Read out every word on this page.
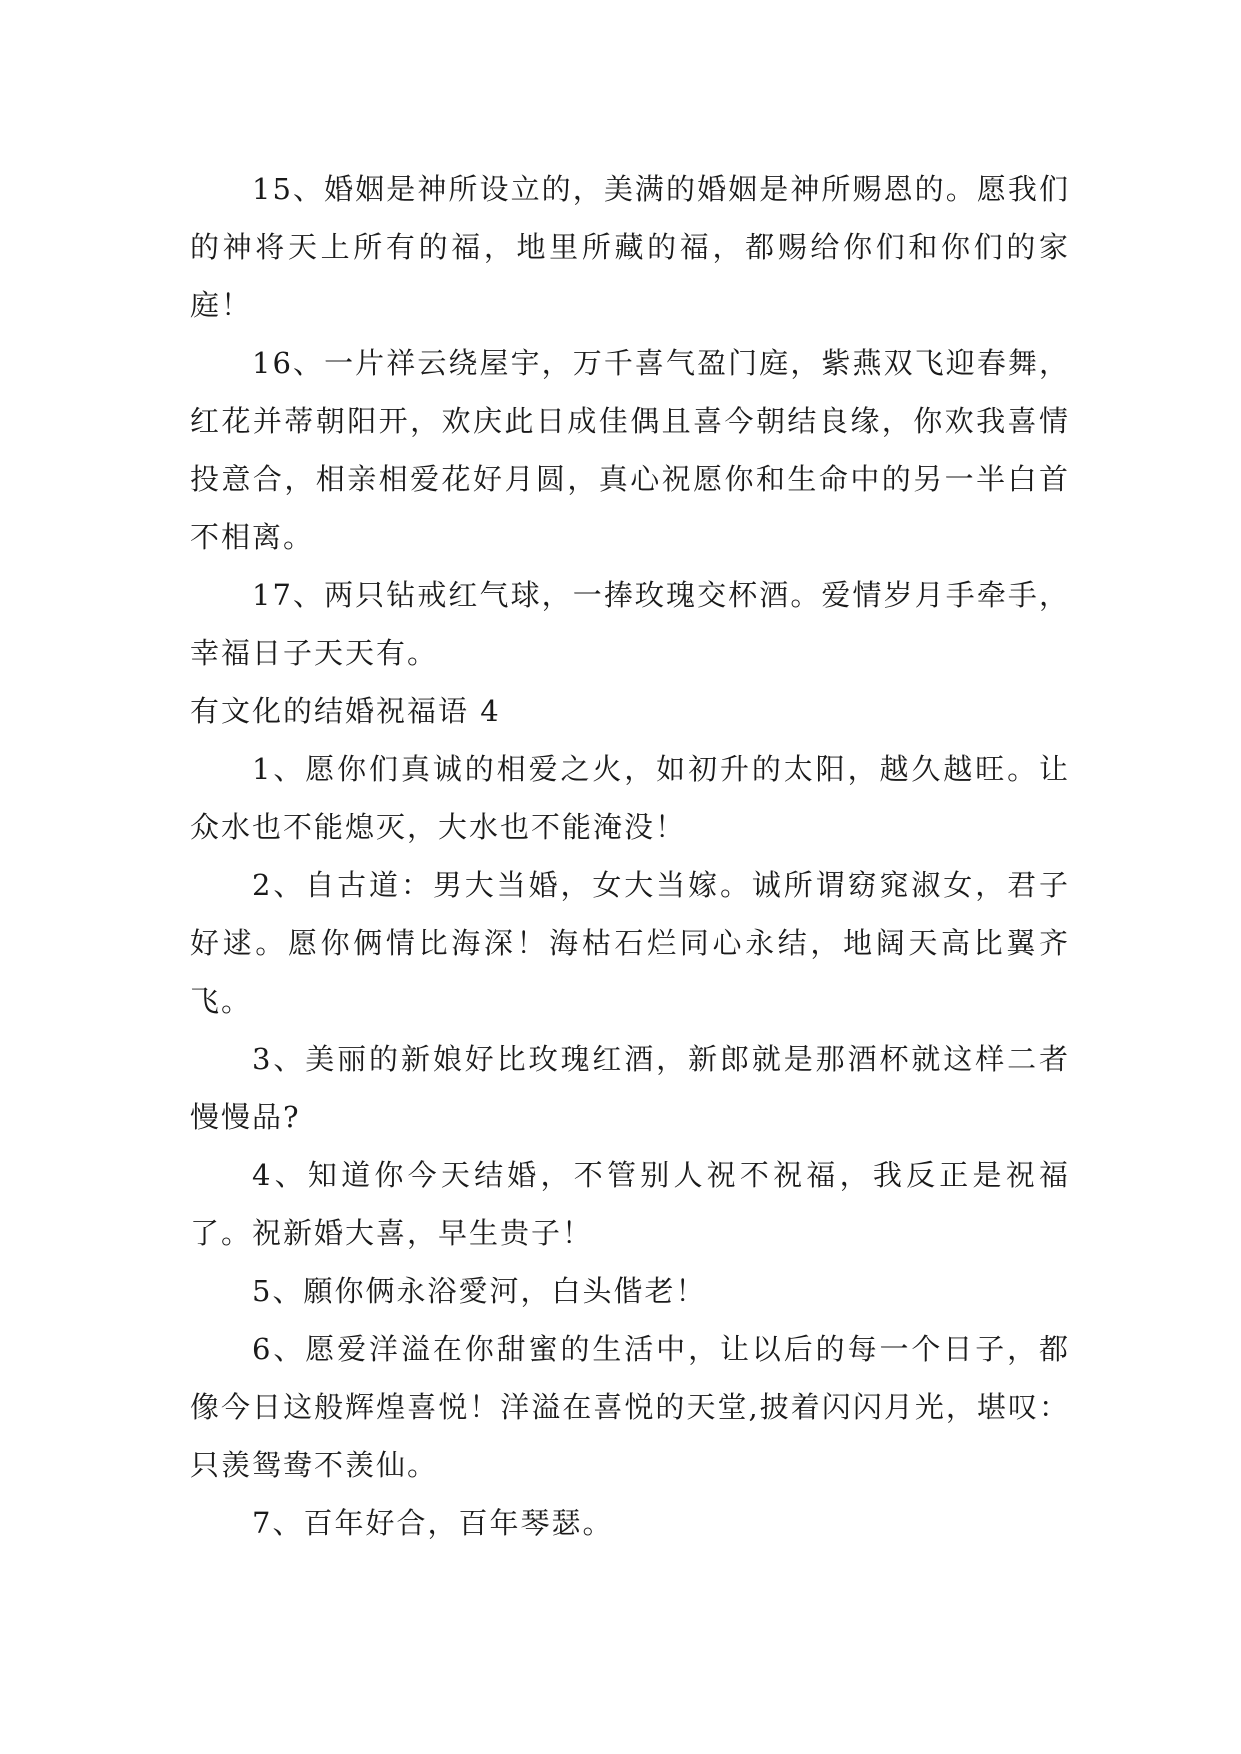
15、婚姻是神所设立的，美满的婚姻是神所赐恩的。愿我们的神将天上所有的福，地里所藏的福，都赐给你们和你们的家庭！

16、一片祥云绕屋宇，万千喜气盈门庭，紫燕双飞迎春舞，红花并蒂朝阳开，欢庆此日成佳偶且喜今朝结良缘，你欢我喜情投意合，相亲相爱花好月圆，真心祝愿你和生命中的另一半白首不相离。

17、两只钻戒红气球，一捧玫瑰交杯酒。爱情岁月手牵手，幸福日子天天有。

有文化的结婚祝福语 4

1、愿你们真诚的相爱之火，如初升的太阳，越久越旺。让众水也不能熄灭，大水也不能淹没！

2、自古道：男大当婚，女大当嫁。诚所谓窈窕淑女，君子好逑。愿你俩情比海深！海枯石烂同心永结，地阔天高比翼齐飞。

3、美丽的新娘好比玫瑰红酒，新郎就是那酒杯就这样二者慢慢品?

4、知道你今天结婚，不管别人祝不祝福，我反正是祝福了。祝新婚大喜，早生贵子！

5、願你俩永浴愛河，白头偕老！

6、愿爱洋溢在你甜蜜的生活中，让以后的每一个日子，都像今日这般辉煌喜悦！洋溢在喜悦的天堂,披着闪闪月光，堪叹：只羡鸳鸯不羡仙。

7、百年好合，百年琴瑟。
